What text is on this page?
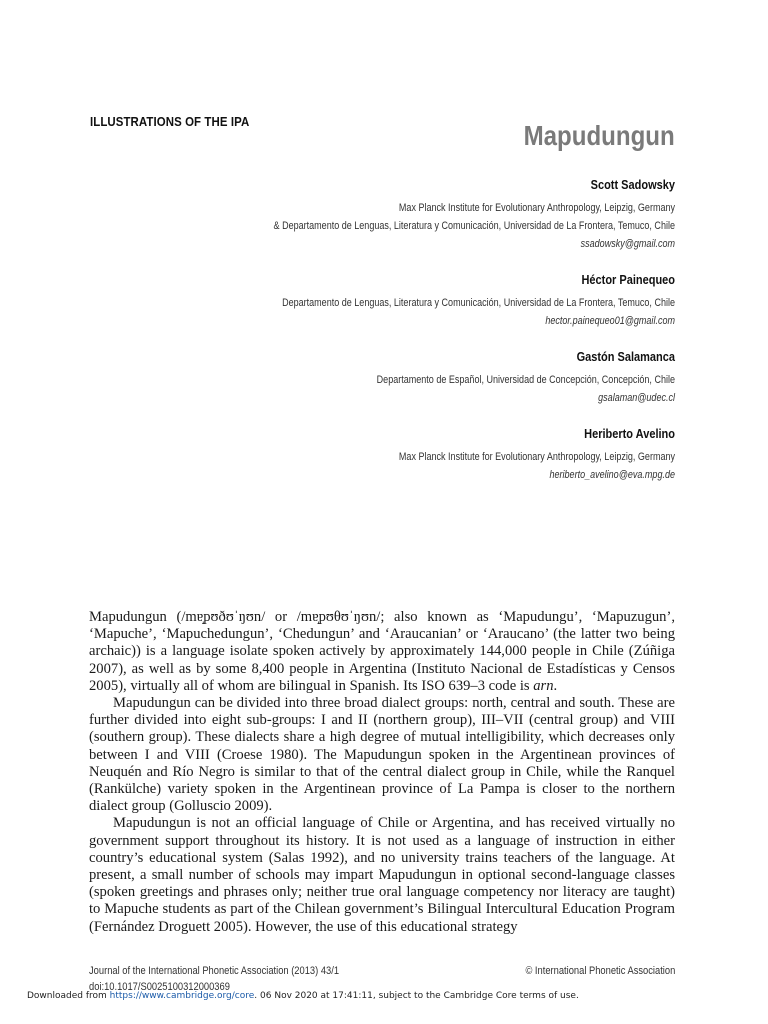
ILLUSTRATIONS OF THE IPA	Mapudungun
Scott Sadowsky
Max Planck Institute for Evolutionary Anthropology, Leipzig, Germany
& Departamento de Lenguas, Literatura y Comunicación, Universidad de La Frontera, Temuco, Chile
ssadowsky@gmail.com
Héctor Painequeo
Departamento de Lenguas, Literatura y Comunicación, Universidad de La Frontera, Temuco, Chile
hector.painequeo01@gmail.com
Gastón Salamanca
Departamento de Español, Universidad de Concepción, Concepción, Chile
gsalaman@udec.cl
Heriberto Avelino
Max Planck Institute for Evolutionary Anthropology, Leipzig, Germany
heriberto_avelino@eva.mpg.de

Mapudungun (/mɐ̝pʊðʊˈŋʊn/ or /mɐ̝pʊθʊˈŋʊn/; also known as ‘Mapudungu’, ‘Mapuzugun’, ‘Mapuche’, ‘Mapuchedungun’, ‘Chedungun’ and ‘Araucanian’ or ‘Araucano’ (the latter two being archaic)) is a language isolate spoken actively by approximately 144,000 people in Chile (Zúñiga 2007), as well as by some 8,400 people in Argentina (Instituto Nacional de Estadísticas y Censos 2005), virtually all of whom are bilingual in Spanish. Its ISO 639–3 code is arn.

Mapudungun can be divided into three broad dialect groups: north, central and south. These are further divided into eight sub-groups: I and II (northern group), III–VII (central group) and VIII (southern group). These dialects share a high degree of mutual intelligibility, which decreases only between I and VIII (Croese 1980). The Mapudungun spoken in the Argentinean provinces of Neuquén and Río Negro is similar to that of the central dialect group in Chile, while the Ranquel (Rankülche) variety spoken in the Argentinean province of La Pampa is closer to the northern dialect group (Golluscio 2009).

Mapudungun is not an official language of Chile or Argentina, and has received virtually no government support throughout its history. It is not used as a language of instruction in either country’s educational system (Salas 1992), and no university trains teachers of the language. At present, a small number of schools may impart Mapudungun in optional second-language classes (spoken greetings and phrases only; neither true oral language competency nor literacy are taught) to Mapuche students as part of the Chilean government’s Bilingual Intercultural Education Program (Fernández Droguett 2005). However, the use of this educational strategy

Journal of the International Phonetic Association (2013) 43/1	© International Phonetic Association
doi:10.1017/S0025100312000369
Downloaded from https://www.cambridge.org/core. 06 Nov 2020 at 17:41:11, subject to the Cambridge Core terms of use.
